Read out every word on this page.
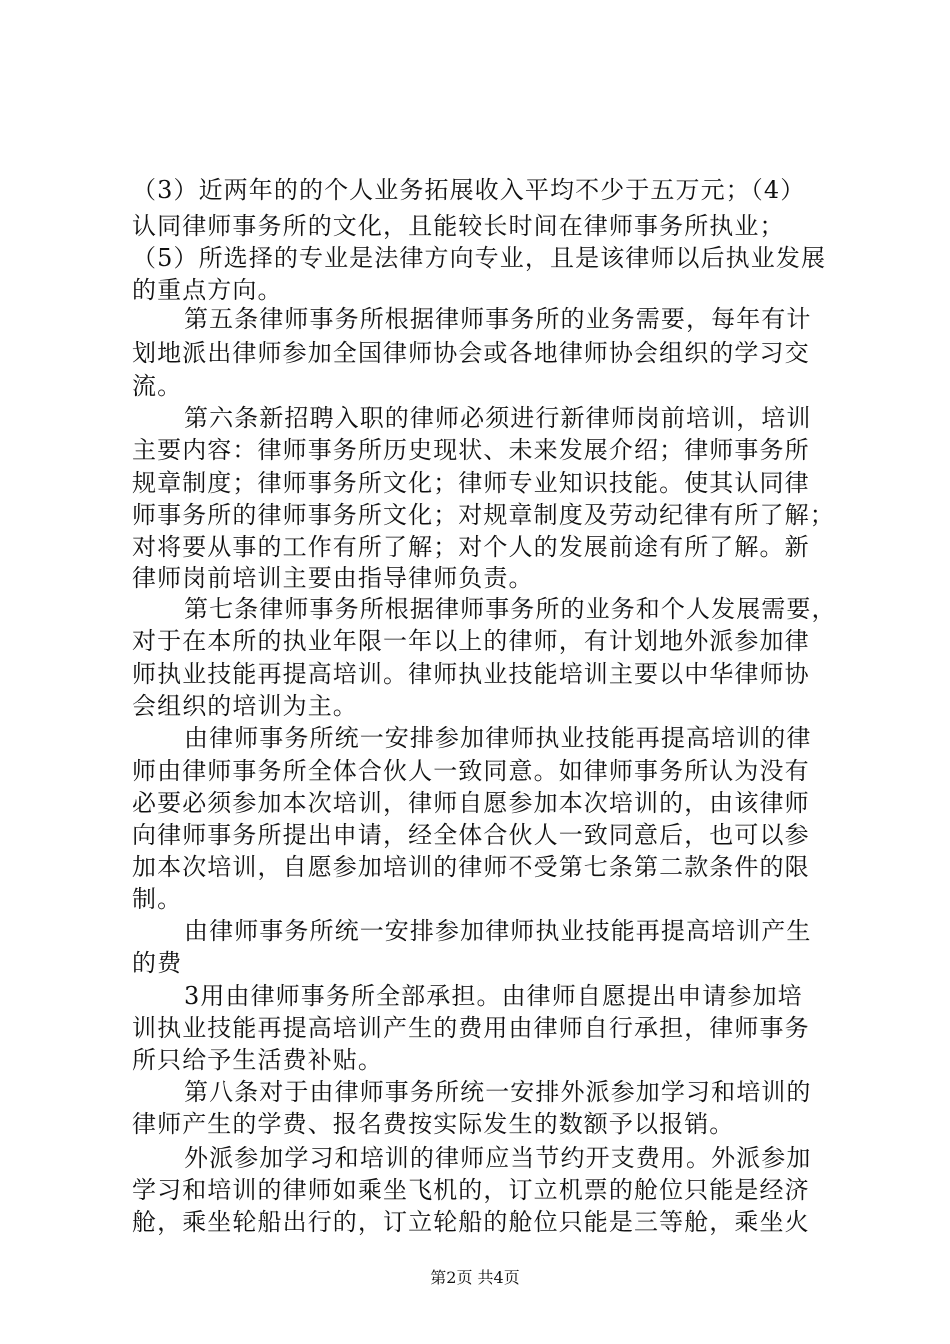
（3）近两年的的个人业务拓展收入平均不少于五万元；（4）
认同律师事务所的文化，且能较长时间在律师事务所执业；
（5）所选择的专业是法律方向专业，且是该律师以后执业发展
的重点方向。
第五条律师事务所根据律师事务所的业务需要，每年有计
划地派出律师参加全国律师协会或各地律师协会组织的学习交
流。
第六条新招聘入职的律师必须进行新律师岗前培训，培训
主要内容：律师事务所历史现状、未来发展介绍；律师事务所
规章制度；律师事务所文化；律师专业知识技能。使其认同律
师事务所的律师事务所文化；对规章制度及劳动纪律有所了解；
对将要从事的工作有所了解；对个人的发展前途有所了解。新
律师岗前培训主要由指导律师负责。
第七条律师事务所根据律师事务所的业务和个人发展需要，
对于在本所的执业年限一年以上的律师，有计划地外派参加律
师执业技能再提高培训。律师执业技能培训主要以中华律师协
会组织的培训为主。
由律师事务所统一安排参加律师执业技能再提高培训的律
师由律师事务所全体合伙人一致同意。如律师事务所认为没有
必要必须参加本次培训，律师自愿参加本次培训的，由该律师
向律师事务所提出申请，经全体合伙人一致同意后，也可以参
加本次培训，自愿参加培训的律师不受第七条第二款条件的限
制。
由律师事务所统一安排参加律师执业技能再提高培训产生
的费
3用由律师事务所全部承担。由律师自愿提出申请参加培
训执业技能再提高培训产生的费用由律师自行承担，律师事务
所只给予生活费补贴。
第八条对于由律师事务所统一安排外派参加学习和培训的
律师产生的学费、报名费按实际发生的数额予以报销。
外派参加学习和培训的律师应当节约开支费用。外派参加
学习和培训的律师如乘坐飞机的，订立机票的舱位只能是经济
舱，乘坐轮船出行的，订立轮船的舱位只能是三等舱，乘坐火
第2页 共4页
